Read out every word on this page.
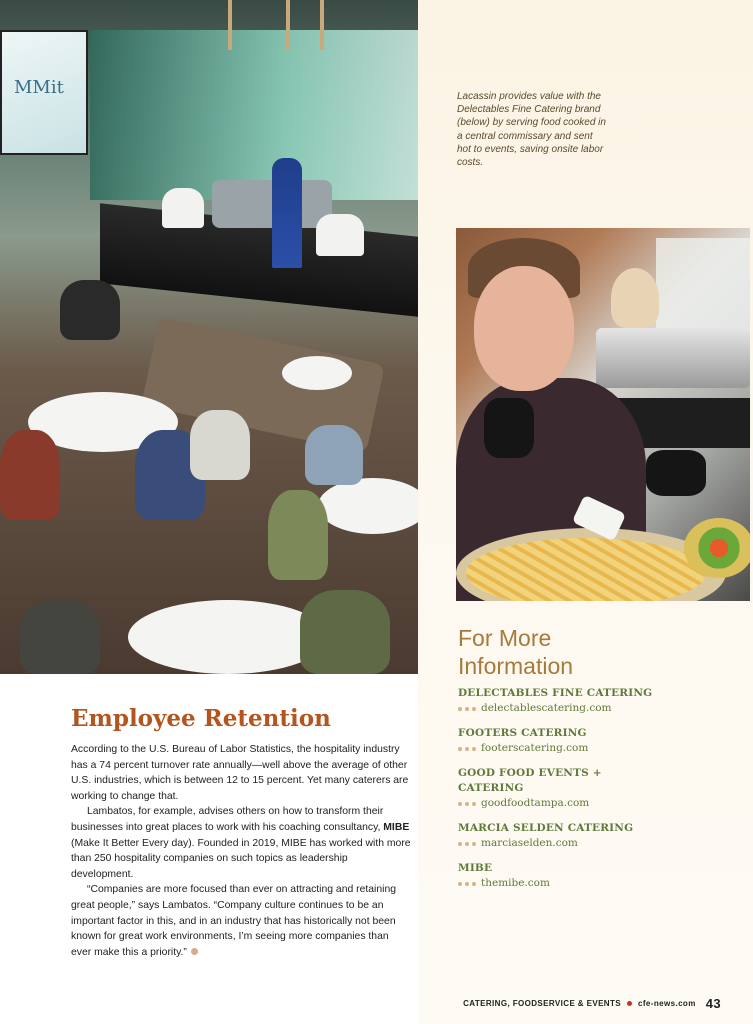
MMit	Lacassin provides value with the Delectables Fine Catering brand (below) by serving food cooked in a central commissary and sent hot to events, saving onsite labor costs.

For More Information
DELECTABLES FINE CATERING
delectablescatering.com
FOOTERS CATERING
footerscatering.com
GOOD FOOD EVENTS + CATERING
goodfoodtampa.com
MARCIA SELDEN CATERING
marciaselden.com
MIBE
themibe.com
Employee Retention

According to the U.S. Bureau of Labor Statistics, the hospitality industry has a 74 percent turnover rate annually—well above the average of other U.S. industries, which is between 12 to 15 percent. Yet many caterers are working to change that.

Lambatos, for example, advises others on how to transform their businesses into great places to work with his coaching consultancy, MIBE (Make It Better Every day). Founded in 2019, MIBE has worked with more than 250 hospitality companies on such topics as leadership development.

“Companies are more focused than ever on attracting and retaining great people,” says Lambatos. “Company culture continues to be an important factor in this, and in an industry that has historically not been known for great work environments, I’m seeing more companies than ever make this a priority.”

CATERING, FOODSERVICE & EVENTS cfe-news.com 43
